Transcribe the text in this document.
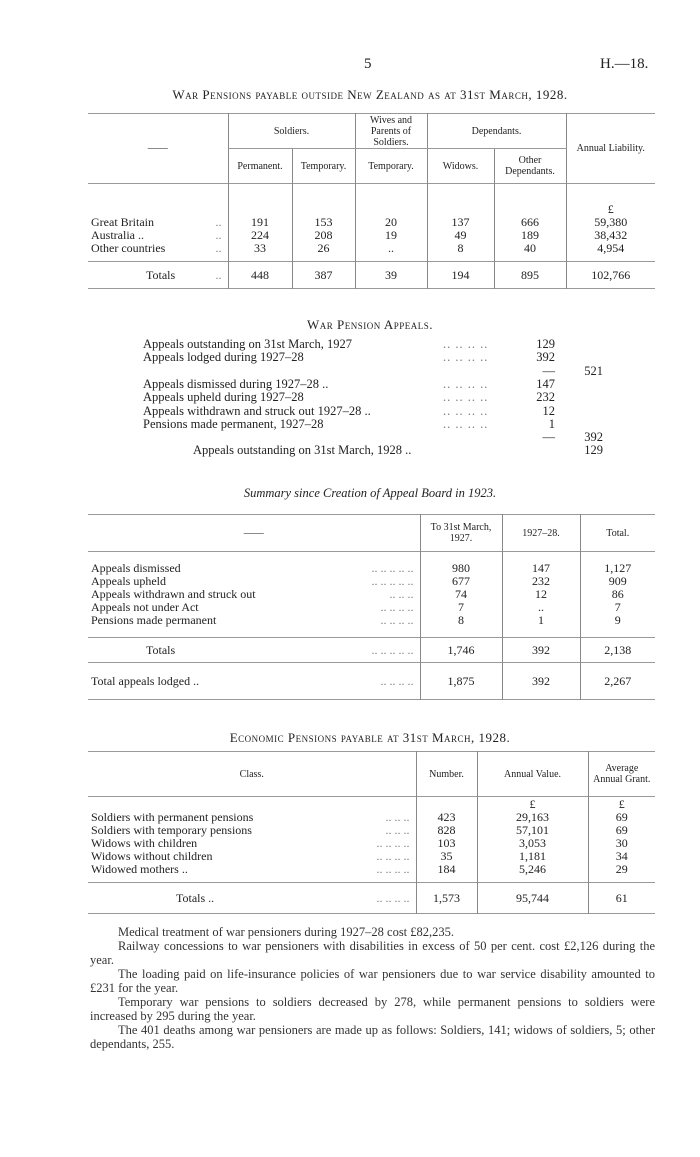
5	H.—18.
War Pensions payable outside New Zealand as at 31st March, 1928.
——	Soldiers.		Wives and Parents of Soldiers.	Dependants.		Annual Liability.
	Permanent.	Temporary.	Temporary.	Widows.	Other Dependants.	
						£
Great Britain ..	191	153	20	137	666	59,380
Australia .. ..	224	208	19	49	189	38,432
Other countries ..	33	26	..	8	40	4,954

Totals ..	448	387	39	194	895	102,766
War Pension Appeals.
Appeals outstanding on 31st March, 1927	.. .. .. ..	129
Appeals lodged during 1927–28	.. .. .. ..	392
—	521
Appeals dismissed during 1927–28 ..	.. .. .. ..	147
Appeals upheld during 1927–28	.. .. .. ..	232
Appeals withdrawn and struck out 1927–28 ..	.. .. .. ..	12
Pensions made permanent, 1927–28	.. .. .. ..	1
—	392
Appeals outstanding on 31st March, 1928 ..	129
Summary since Creation of Appeal Board in 1923.
——	To 31st March, 1927.	1927–28.	Total.

Appeals dismissed .. .. .. .. ..	980	147	1,127
Appeals upheld .. .. .. .. ..	677	232	909
Appeals withdrawn and struck out .. .. ..	74	12	86
Appeals not under Act .. .. .. ..	7	..	7
Pensions made permanent .. .. .. ..	8	1	9

Totals .. .. .. .. ..	1,746	392	2,138
Total appeals lodged .. .. .. .. ..	1,875	392	2,267
Economic Pensions payable at 31st March, 1928.
Class.	Number.	Annual Value.	Average Annual Grant.
		£	£
Soldiers with permanent pensions .. .. ..	423	29,163	69
Soldiers with temporary pensions .. .. ..	828	57,101	69
Widows with children .. .. .. ..	103	3,053	30
Widows without children .. .. .. ..	35	1,181	34
Widowed mothers .. .. .. .. ..	184	5,246	29

Totals .. .. .. .. ..	1,573	95,744	61

Medical treatment of war pensioners during 1927–28 cost £82,235.

Railway concessions to war pensioners with disabilities in excess of 50 per cent. cost £2,126 during the year.

The loading paid on life-insurance policies of war pensioners due to war service disability amounted to £231 for the year.

Temporary war pensions to soldiers decreased by 278, while permanent pensions to soldiers were increased by 295 during the year.

The 401 deaths among war pensioners are made up as follows: Soldiers, 141; widows of soldiers, 5; other dependants, 255.
